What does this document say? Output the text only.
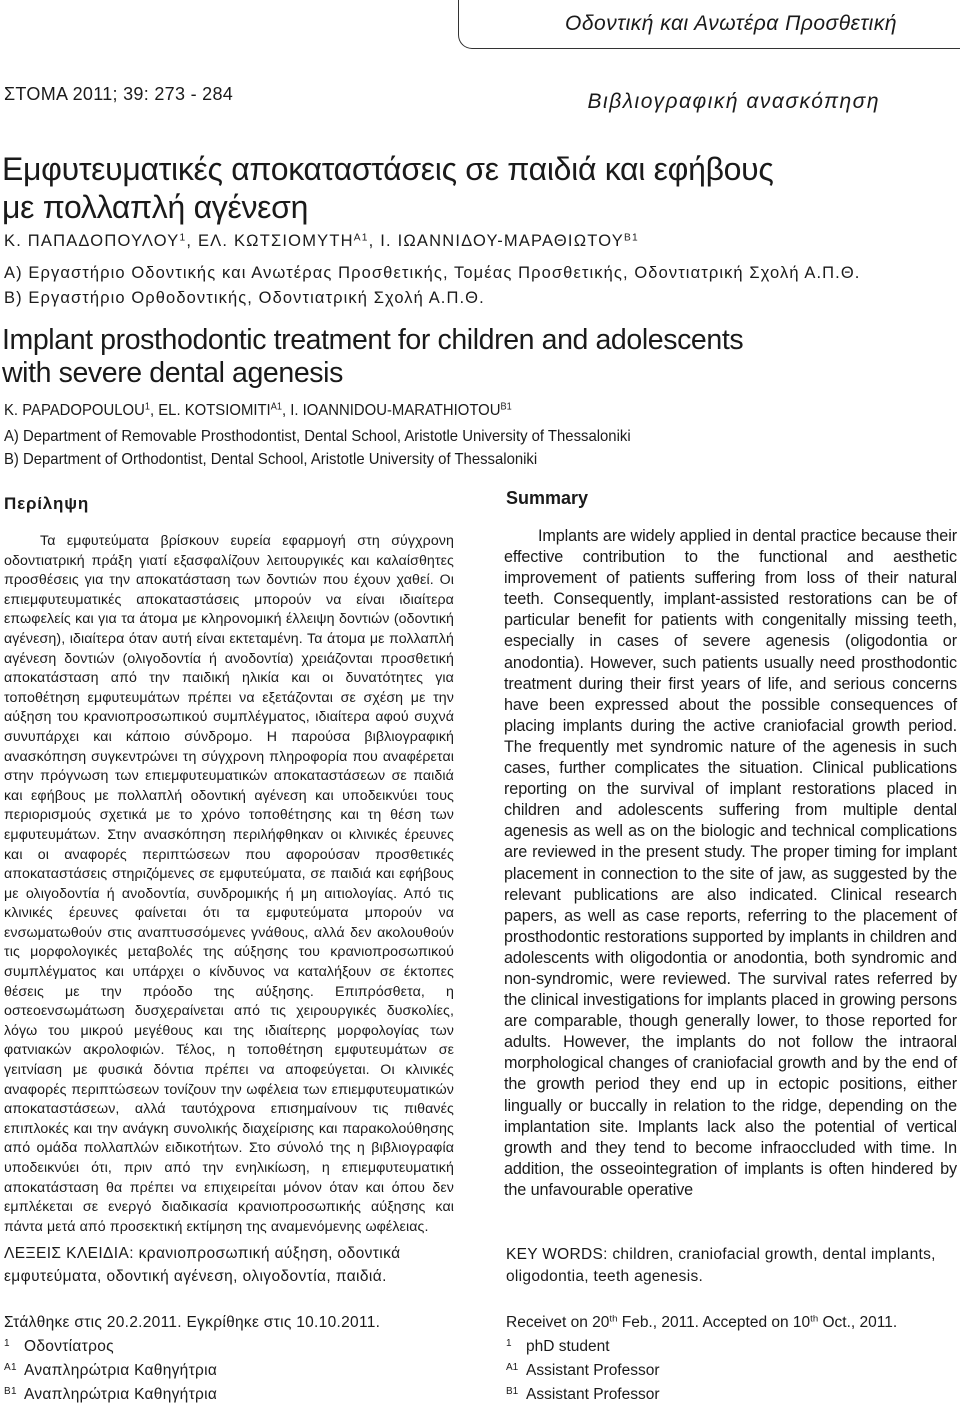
Οδοντική και Ανωτέρα Προσθετική
ΣΤΟΜΑ 2011; 39: 273 - 284	Βιβλιογραφική ανασκόπηση
Εμφυτευματικές αποκαταστάσεις σε παιδιά και εφήβους
με πολλαπλή αγένεση
Κ. ΠΑΠΑΔΟΠΟΥΛΟΥ$^1$, ΕΛ. $K\Omega T\Sigma IOM\Upsilon TH^{A1}$, Ι. ΙΩΑΝΝΙΔΟΥ-$MAPA\Theta I\Omega TO\Upsilon^{B1}$
Α) Εργαστήριο Οδοντικής και Ανωτέρας Προσθετικής, Τομέας Προσθετικής, Οδοντιατρική Σχολή Α.Π.Θ.
Β) Εργαστήριο Ορθοδοντικής, Οδοντιατρική Σχολή Α.Π.Θ.
Implant prosthodontic treatment for children and adolescents
with severe dental agenesis
K. PAPADOPOULOU$^1$, EL. $KOTSIOMITI^{A1}$, I. IOANNIDOU-$MARATHIOTOU^{B1}$
A) Department of Removable Prosthodontist, Dental School, Aristotle University of Thessaloniki
B) Department of Orthodontist, Dental School, Aristotle University of Thessaloniki
Περίληψη	Summary

Τα εμφυτεύματα βρίσκουν ευρεία εφαρμογή στη σύγχρονη οδοντιατρική πράξη γιατί εξασφαλίζουν λειτουργικές και καλαίσθητες προσθέσεις για την αποκατάσταση των δοντιών που έχουν χαθεί. Οι επιεμφυτευματικές αποκαταστάσεις μπορούν να είναι ιδιαίτερα επωφελείς και για τα άτομα με κληρονομική έλλειψη δοντιών (οδοντική αγένεση), ιδιαίτερα όταν αυτή είναι εκτεταμένη. Τα άτομα με πολλαπλή αγένεση δοντιών (ολιγοδοντία ή ανοδοντία) χρειάζονται προσθετική αποκατάσταση από την παιδική ηλικία και οι δυνατότητες για τοποθέτηση εμφυτευμάτων πρέπει να εξετάζονται σε σχέση με την αύξηση του κρανιοπροσωπικού συμπλέγματος, ιδιαίτερα αφού συχνά συνυπάρχει και κάποιο σύνδρομο. Η παρούσα βιβλιογραφική ανασκόπηση συγκεντρώνει τη σύγχρονη πληροφορία που αναφέρεται στην πρόγνωση των επιεμφυτευματικών αποκαταστάσεων σε παιδιά και εφήβους με πολλαπλή οδοντική αγένεση και υποδεικνύει τους περιορισμούς σχετικά με το χρόνο τοποθέτησης και τη θέση των εμφυτευμάτων. Στην ανασκόπηση περιλήφθηκαν οι κλινικές έρευνες και οι αναφορές περιπτώσεων που αφορούσαν προσθετικές αποκαταστάσεις στηριζόμενες σε εμφυτεύματα, σε παιδιά και εφήβους με ολιγοδοντία ή ανοδοντία, συνδρομικής ή μη αιτιολογίας. Από τις κλινικές έρευνες φαίνεται ότι τα εμφυτεύματα μπορούν να ενσωματωθούν στις αναπτυσσόμενες γνάθους, αλλά δεν ακολουθούν τις μορφολογικές μεταβολές της αύξησης του κρανιοπροσωπικού συμπλέγματος και υπάρχει ο κίνδυνος να καταλήξουν σε έκτοπες θέσεις με την πρόοδο της αύξησης. Επιπρόσθετα, η οστεοενσωμάτωση δυσχεραίνεται από τις χειρουργικές δυσκολίες, λόγω του μικρού μεγέθους και της ιδιαίτερης μορφολογίας των φατνιακών ακρολοφιών. Τέλος, η τοποθέτηση εμφυτευμάτων σε γειτνίαση με φυσικά δόντια πρέπει να αποφεύγεται. Οι κλινικές αναφορές περιπτώσεων τονίζουν την ωφέλεια των επιεμφυτευματικών αποκαταστάσεων, αλλά ταυτόχρονα επισημαίνουν τις πιθανές επιπλοκές και την ανάγκη συνολικής διαχείρισης και παρακολούθησης από ομάδα πολλαπλών ειδικοτήτων. Στο σύνολό της η βιβλιογραφία υποδεικνύει ότι, πριν από την ενηλικίωση, η επιεμφυτευματική αποκατάσταση θα πρέπει να επιχειρείται μόνον όταν και όπου δεν εμπλέκεται σε ενεργό διαδικασία κρανιοπροσωπικής αύξησης και πάντα μετά από προσεκτική εκτίμηση της αναμενόμενης ωφέλειας.

Implants are widely applied in dental practice because their effective contribution to the functional and aesthetic improvement of patients suffering from loss of their natural teeth. Consequently, implant-assisted restorations can be of particular benefit for patients with congenitally missing teeth, especially in cases of severe agenesis (oligodontia or anodontia). However, such patients usually need prosthodontic treatment during their first years of life, and serious concerns have been expressed about the possible consequences of placing implants during the active craniofacial growth period. The frequently met syndromic nature of the agenesis in such cases, further complicates the situation. Clinical publications reporting on the survival of implant restorations placed in children and adolescents suffering from multiple dental agenesis as well as on the biologic and technical complications are reviewed in the present study. The proper timing for implant placement in connection to the site of jaw, as suggested by the relevant publications are also indicated. Clinical research papers, as well as case reports, referring to the placement of prosthodontic restorations supported by implants in children and adolescents with oligodontia or anodontia, both syndromic and non-syndromic, were reviewed. The survival rates referred by the clinical investigations for implants placed in growing persons are comparable, though generally lower, to those reported for adults. However, the implants do not follow the intraoral morphological changes of craniofacial growth and by the end of the growth period they end up in ectopic positions, either lingually or buccally in relation to the ridge, depending on the implantation site. Implants lack also the potential of vertical growth and they tend to become infraoccluded with time. In addition, the osseointegration of implants is often hindered by the unfavourable operative

ΛΕΞΕΙΣ ΚΛΕΙΔΙΑ: κρανιοπροσωπική αύξηση, οδοντικά εμφυτεύματα, οδοντική αγένεση, ολιγοδοντία, παιδιά.
KEY WORDS: children, craniofacial growth, dental implants, oligodontia, teeth agenesis.
Στάλθηκε στις 20.2.2011. Εγκρίθηκε στις 10.10.2011.
1 Οδοντίατρος
Α1 Αναπληρώτρια Καθηγήτρια
Β1 Αναπληρώτρια Καθηγήτρια
Receivet on 20th Feb., 2011. Accepted on 10th Oct., 2011.
1 phD student
A1 Assistant Professor
B1 Assistant Professor
